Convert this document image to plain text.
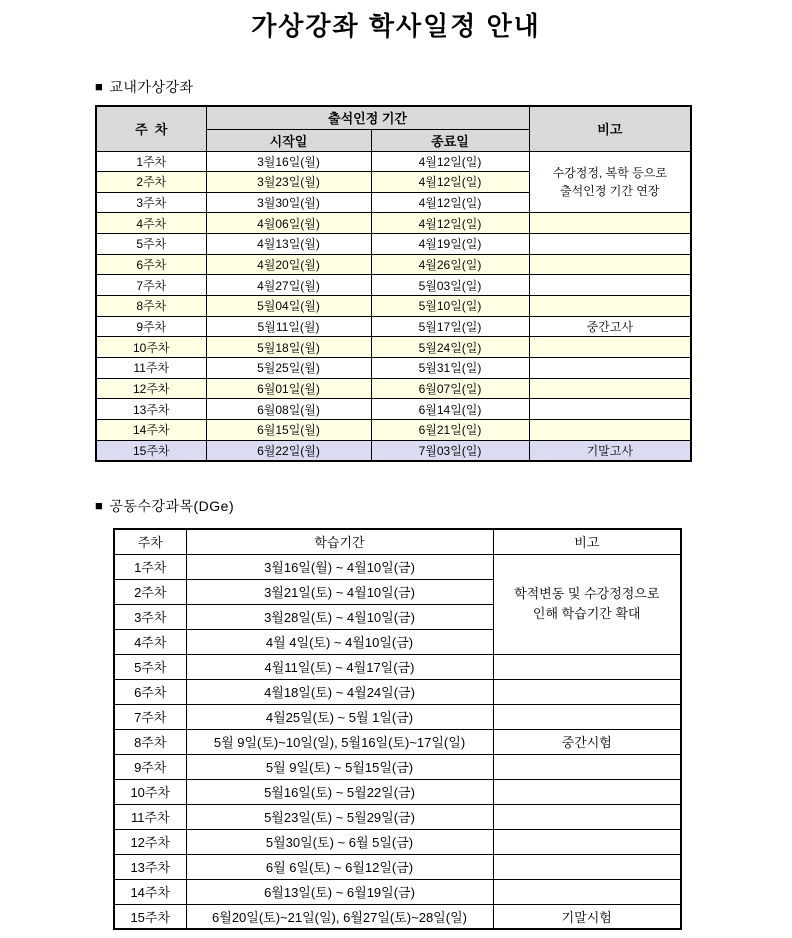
가상강좌 학사일정 안내
■ 교내가상강좌
주  차	출석인정 기간		비고
	시작일	종료일	
1주차	3월16일(월)	4월12일(일)	수강정정, 복학 등으로
출석인정 기간 연장

2주차	3월23일(월)	4월12일(일)	
3주차	3월30일(월)	4월12일(일)	
4주차	4월06일(월)	4월12일(일)	
5주차	4월13일(월)	4월19일(일)	
6주차	4월20일(월)	4월26일(일)	
7주차	4월27일(월)	5월03일(일)	
8주차	5월04일(월)	5월10일(일)	
9주차	5월11일(월)	5월17일(일)	중간고사
10주차	5월18일(월)	5월24일(일)	
11주차	5월25일(월)	5월31일(일)	
12주차	6월01일(월)	6월07일(일)	
13주차	6월08일(월)	6월14일(일)	
14주차	6월15일(월)	6월21일(일)	
15주차	6월22일(월)	7월03일(일)	기말고사
■ 공동수강과목(DGe)
주차	학습기간	비고
1주차	3월16일(월) ~ 4월10일(금)	학적변동 및 수강정정으로
인해 학습기간 확대

2주차	3월21일(토) ~ 4월10일(금)	
3주차	3월28일(토) ~ 4월10일(금)	
4주차	4월 4일(토) ~ 4월10일(금)	
5주차	4월11일(토) ~ 4월17일(금)	
6주차	4월18일(토) ~ 4월24일(금)	
7주차	4월25일(토) ~ 5월 1일(금)	
8주차	5월 9일(토)~10일(일), 5월16일(토)~17일(일)	중간시험
9주차	5월 9일(토) ~ 5월15일(금)	
10주차	5월16일(토) ~ 5월22일(금)	
11주차	5월23일(토) ~ 5월29일(금)	
12주차	5월30일(토) ~ 6월 5일(금)	
13주차	6월 6일(토) ~ 6월12일(금)	
14주차	6월13일(토) ~ 6월19일(금)	
15주차	6월20일(토)~21일(일), 6월27일(토)~28일(일)	기말시험
